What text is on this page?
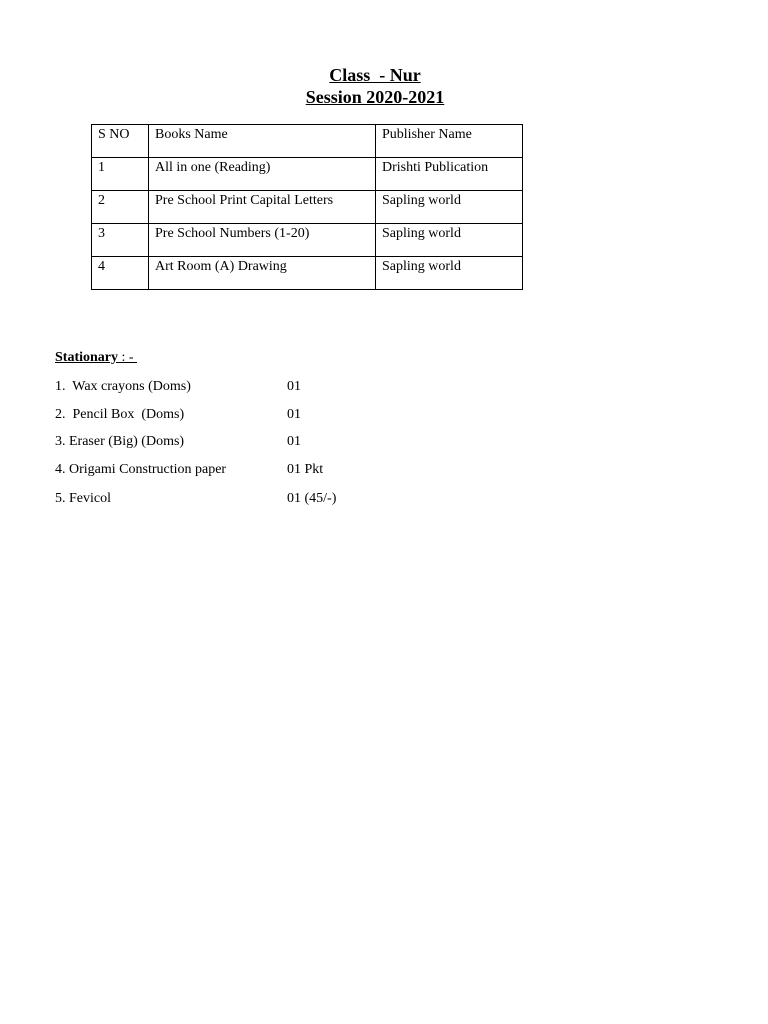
Class  - Nur
Session 2020-2021
S NO	Books Name	Publisher Name
1	All in one (Reading)	Drishti Publication
2	Pre School Print Capital Letters	Sapling world
3	Pre School Numbers (1-20)	Sapling world
4	Art Room (A) Drawing	Sapling world
Stationary : -
1.  Wax crayons (Doms)	01
2.  Pencil Box  (Doms)	01
3. Eraser (Big) (Doms)	01
4. Origami Construction paper	01 Pkt
5. Fevicol	01 (45/-)
